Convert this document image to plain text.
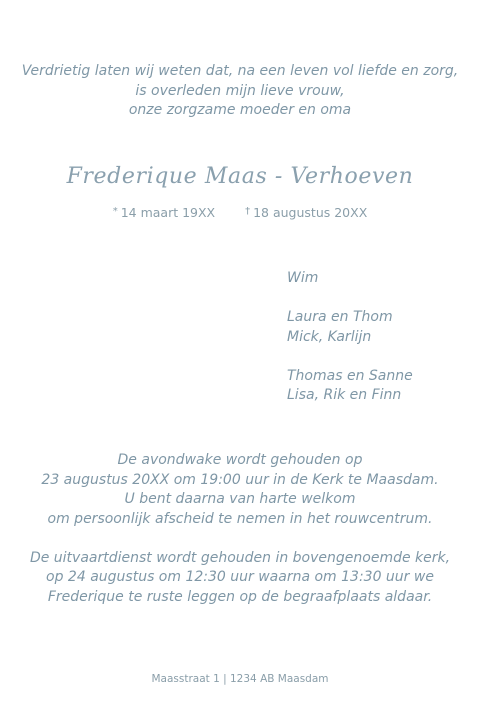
Verdrietig laten wij weten dat, na een leven vol liefde en zorg,
is overleden mijn lieve vrouw,
onze zorgzame moeder en oma
Frederique Maas - Verhoeven
* 14 maart 19XX	† 18 augustus 20XX
Wim
Laura en Thom
Mick, Karlijn
Thomas en Sanne
Lisa, Rik en Finn
De avondwake wordt gehouden op
23 augustus 20XX om 19:00 uur in de Kerk te Maasdam.
U bent daarna van harte welkom
om persoonlijk afscheid te nemen in het rouwcentrum.
De uitvaartdienst wordt gehouden in bovengenoemde kerk,
op 24 augustus om 12:30 uur waarna om 13:30 uur we
Frederique te ruste leggen op de begraafplaats aldaar.
Maasstraat 1 | 1234 AB Maasdam
